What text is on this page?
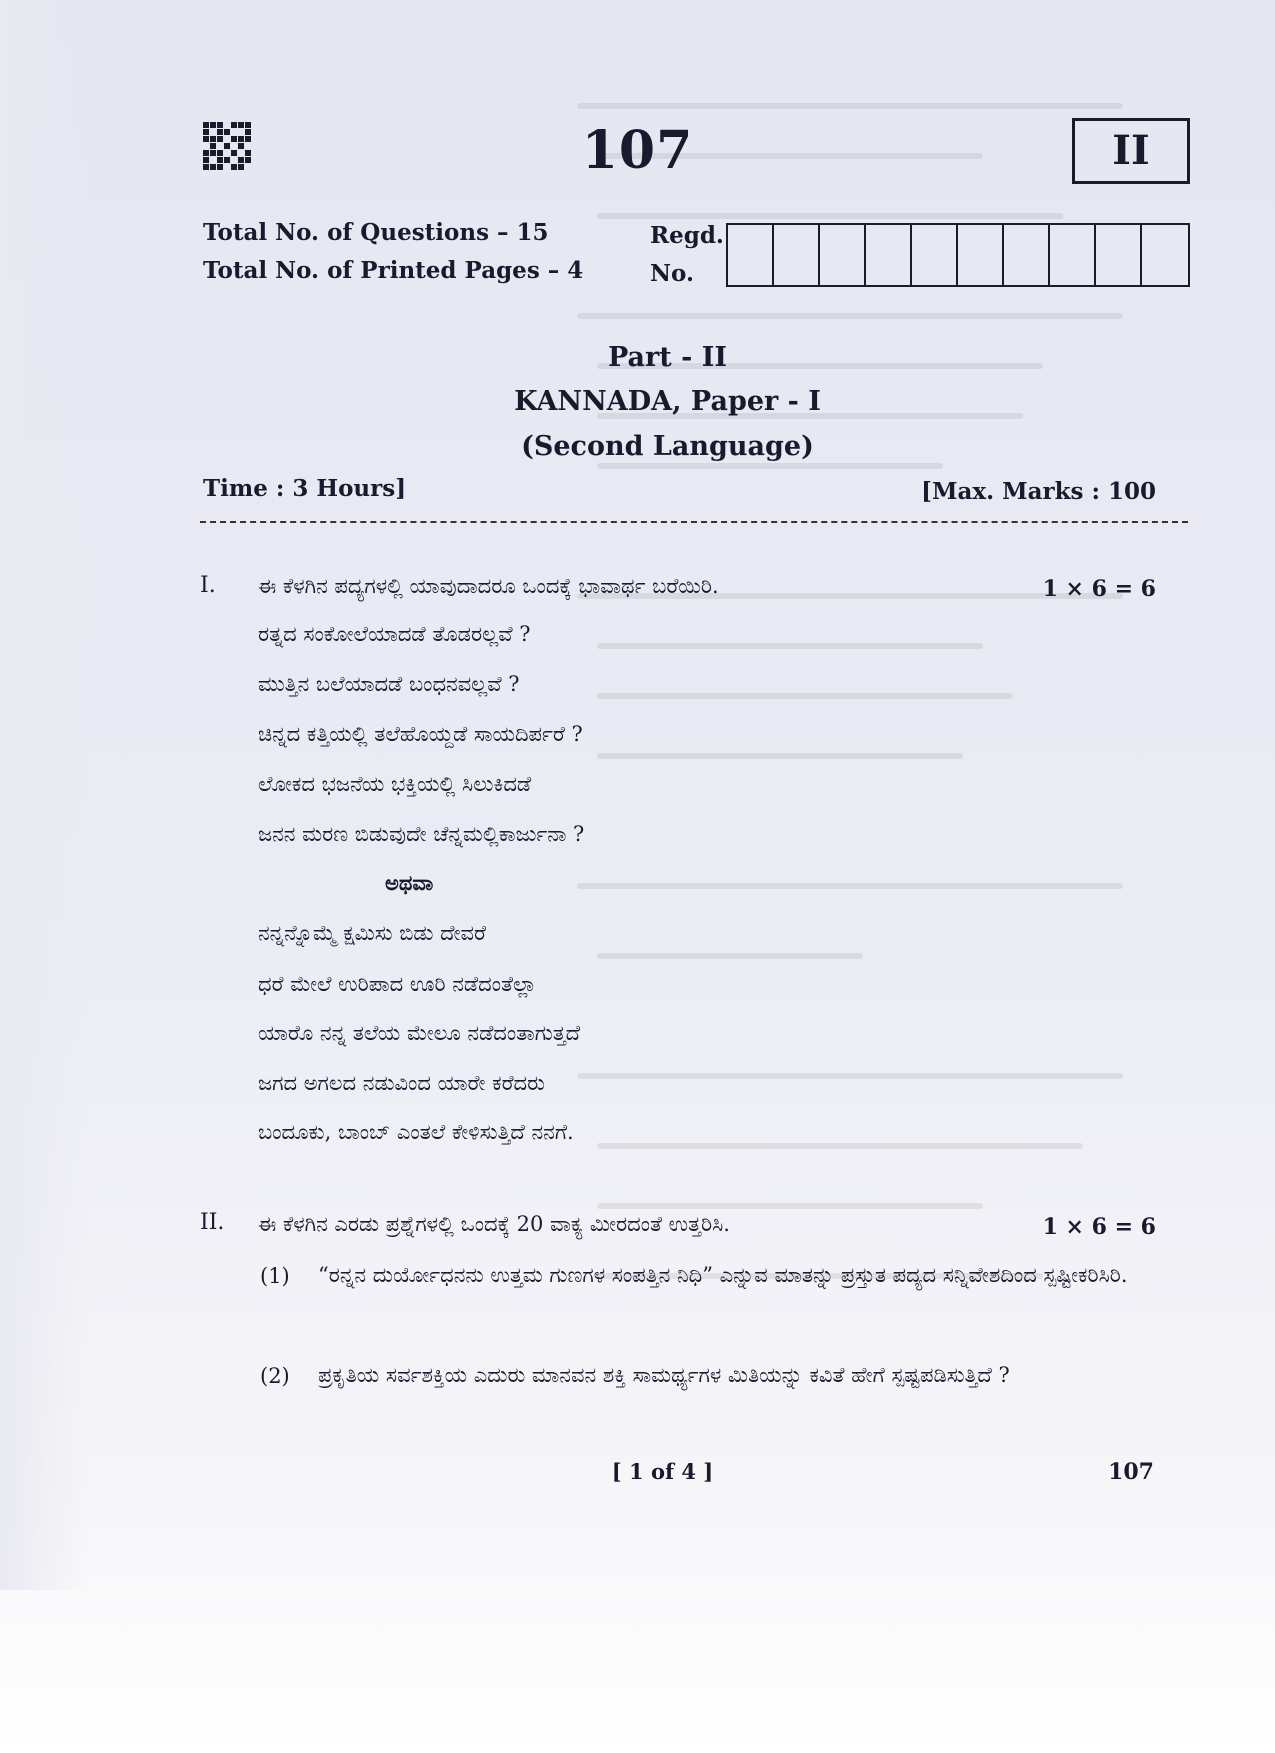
107	II
Total No. of Questions – 15
Total No. of Printed Pages – 4
Regd.
No.
Part - II
KANNADA, Paper - I
(Second Language)
Time : 3 Hours]	[Max. Marks : 100
I. ಈ ಕೆಳಗಿನ ಪದ್ಯಗಳಲ್ಲಿ ಯಾವುದಾದರೂ ಒಂದಕ್ಕೆ ಭಾವಾರ್ಥ ಬರೆಯಿರಿ.	1 × 6 = 6
ರತ್ನದ ಸಂಕೋಲೆಯಾದಡೆ ತೊಡರಲ್ಲವೆ ?
ಮುತ್ತಿನ ಬಲೆಯಾದಡೆ ಬಂಧನವಲ್ಲವೆ ?
ಚಿನ್ನದ ಕತ್ತಿಯಲ್ಲಿ ತಲೆಹೊಯ್ದಡೆ ಸಾಯದಿರ್ಪರೆ ?
ಲೋಕದ ಭಜನೆಯ ಭಕ್ತಿಯಲ್ಲಿ ಸಿಲುಕಿದಡೆ
ಜನನ ಮರಣ ಬಿಡುವುದೇ ಚೆನ್ನಮಲ್ಲಿಕಾರ್ಜುನಾ ?
ಅಥವಾ
ನನ್ನನ್ನೊಮ್ಮೆ ಕ್ಷಮಿಸು ಬಿಡು ದೇವರೆ
ಧರೆ ಮೇಲೆ ಉರಿಪಾದ ಊರಿ ನಡೆದಂತೆಲ್ಲಾ
ಯಾರೊ ನನ್ನ ತಲೆಯ ಮೇಲೂ ನಡೆದಂತಾಗುತ್ತದೆ
ಜಗದ ಅಗಲದ ನಡುವಿಂದ ಯಾರೇ ಕರೆದರು
ಬಂದೂಕು, ಬಾಂಬ್ ಎಂತಲೆ ಕೇಳಿಸುತ್ತಿದೆ ನನಗೆ.
II. ಈ ಕೆಳಗಿನ ಎರಡು ಪ್ರಶ್ನೆಗಳಲ್ಲಿ ಒಂದಕ್ಕೆ 20 ವಾಕ್ಯ ಮೀರದಂತೆ ಉತ್ತರಿಸಿ.	1 × 6 = 6
(1) “ರನ್ನನ ದುರ್ಯೋಧನನು ಉತ್ತಮ ಗುಣಗಳ ಸಂಪತ್ತಿನ ನಿಧಿ” ಎನ್ನುವ ಮಾತನ್ನು ಪ್ರಸ್ತುತ ಪದ್ಯದ ಸನ್ನಿವೇಶದಿಂದ ಸ್ಪಷ್ಟೀಕರಿಸಿರಿ.
(2) ಪ್ರಕೃತಿಯ ಸರ್ವಶಕ್ತಿಯ ಎದುರು ಮಾನವನ ಶಕ್ತಿ ಸಾಮರ್ಥ್ಯಗಳ ಮಿತಿಯನ್ನು ಕವಿತೆ ಹೇಗೆ ಸ್ಪಷ್ಟಪಡಿಸುತ್ತಿದೆ ?
[ 1 of 4 ]	107
